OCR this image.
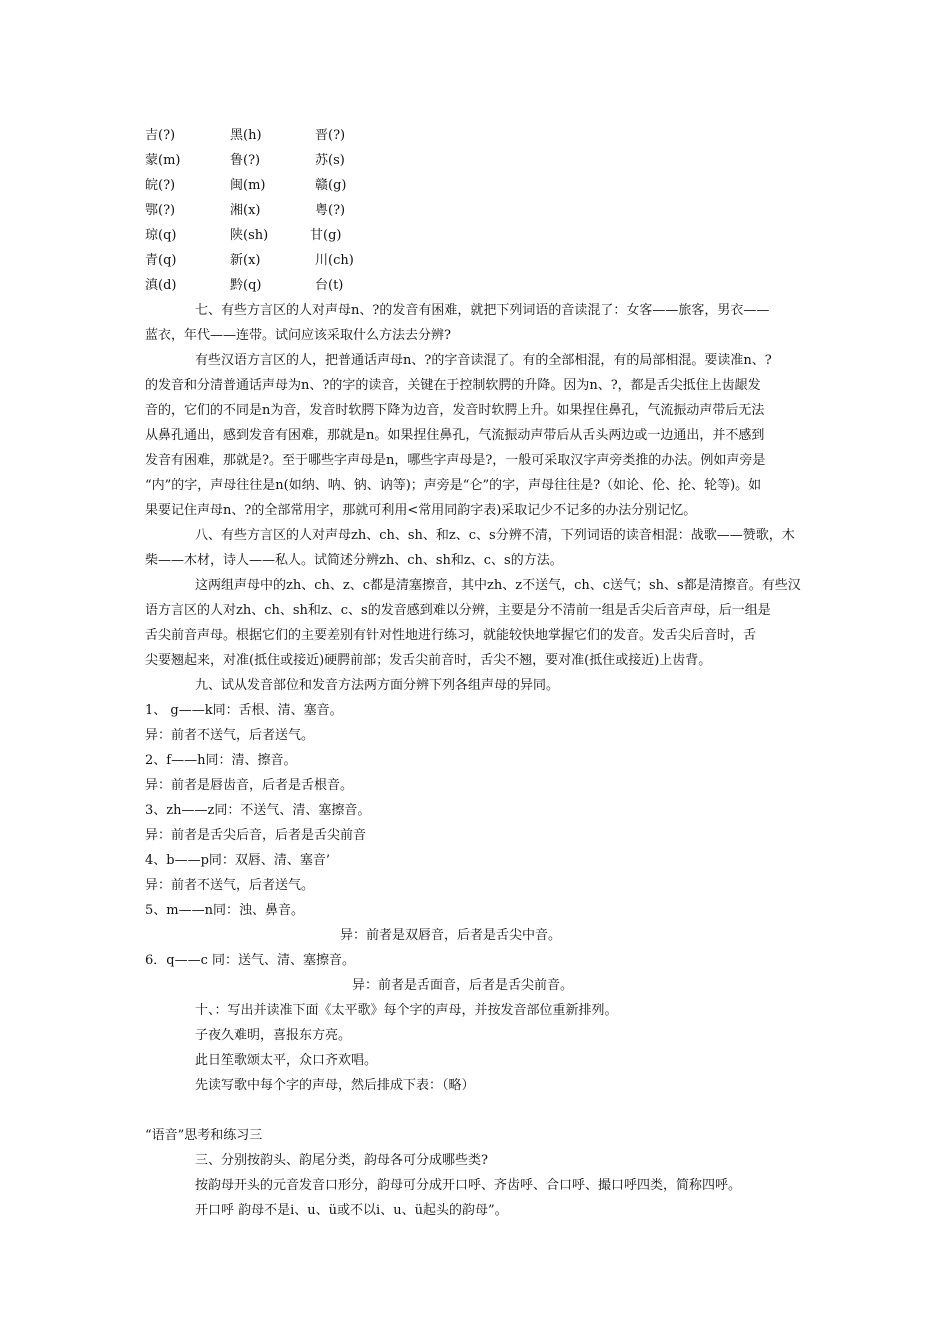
吉(?)	黑(h)	晋(?)
蒙(m)	鲁(?)	苏(s)
皖(?)	闽(m)	赣(g)
鄂(?)	湘(x)	粤(?)
琼(q)	陕(sh)	甘(g)
青(q)	新(x)	川(ch)
滇(d)	黔(q)	台(t)
七、有些方言区的人对声母n、?的发音有困难，就把下列词语的音读混了：女客——旅客，男衣——
蓝衣，年代——连带。试问应该采取什么方法去分辨?
有些汉语方言区的人，把普通话声母n、?的字音读混了。有的全部相混，有的局部相混。要读准n、?
的发音和分清普通话声母为n、?的字的读音，关键在于控制软腭的升降。因为n、?，都是舌尖抵住上齿龈发
音的，它们的不同是n为音，发音时软腭下降为边音，发音时软腭上升。如果捏住鼻孔，气流振动声带后无法
从鼻孔通出，感到发音有困难，那就是n。如果捏住鼻孔，气流振动声带后从舌头两边或一边通出，并不感到
发音有困难，那就是?。至于哪些字声母是n，哪些字声母是?，一般可采取汉字声旁类推的办法。例如声旁是
“内”的字，声母往往是n(如纳、呐、钠、讷等)；声旁是“仑”的字，声母往往是?（如论、伦、抡、轮等)。如
果要记住声母n、?的全部常用字，那就可利用<常用同韵字表)采取记少不记多的办法分别记忆。
八、有些方言区的人对声母zh、ch、sh、和z、c、s分辨不清，下列词语的读音相混：战歌——赞歌，木
柴——木材，诗人——私人。试简述分辨zh、ch、sh和z、c、s的方法。
这两组声母中的zh、ch、z、c都是清塞擦音，其中zh、z不送气，ch、c送气；sh、s都是清擦音。有些汉
语方言区的人对zh、ch、sh和z、c、s的发音感到难以分辨，主要是分不清前一组是舌尖后音声母，后一组是
舌尖前音声母。根据它们的主要差别有针对性地进行练习，就能较快地掌握它们的发音。发舌尖后音时，舌
尖要翘起来，对准(抵住或接近)硬腭前部；发舌尖前音时，舌尖不翘，要对准(抵住或接近)上齿背。
九、试从发音部位和发音方法两方面分辨下列各组声母的异同。
1、 g——k同：舌根、清、塞音。
异：前者不送气，后者送气。
2、f——h同：清、擦音。
异：前者是唇齿音，后者是舌根音。
3、zh——z同：不送气、清、塞擦音。
异：前者是舌尖后音，后者是舌尖前音
4、b——p同：双唇、清、塞音’
异：前者不送气，后者送气。
5、m——n同：浊、鼻音。
异：前者是双唇音，后者是舌尖中音。
6．q——c 同：送气、清、塞擦音。
异：前者是舌面音，后者是舌尖前音。
十、：写出并读准下面《太平歌》每个字的声母，并按发音部位重新排列。
子夜久难明，喜报东方亮。
此日笙歌颂太平，众口齐欢唱。
先读写歌中每个字的声母，然后排成下表：（略）
“语音”思考和练习三
三、分别按韵头、韵尾分类，韵母各可分成哪些类?
按韵母开头的元音发音口形分，韵母可分成开口呼、齐齿呼、合口呼、撮口呼四类，简称四呼。
开口呼 韵母不是i、u、ü或不以i、u、ü起头的韵母”。
